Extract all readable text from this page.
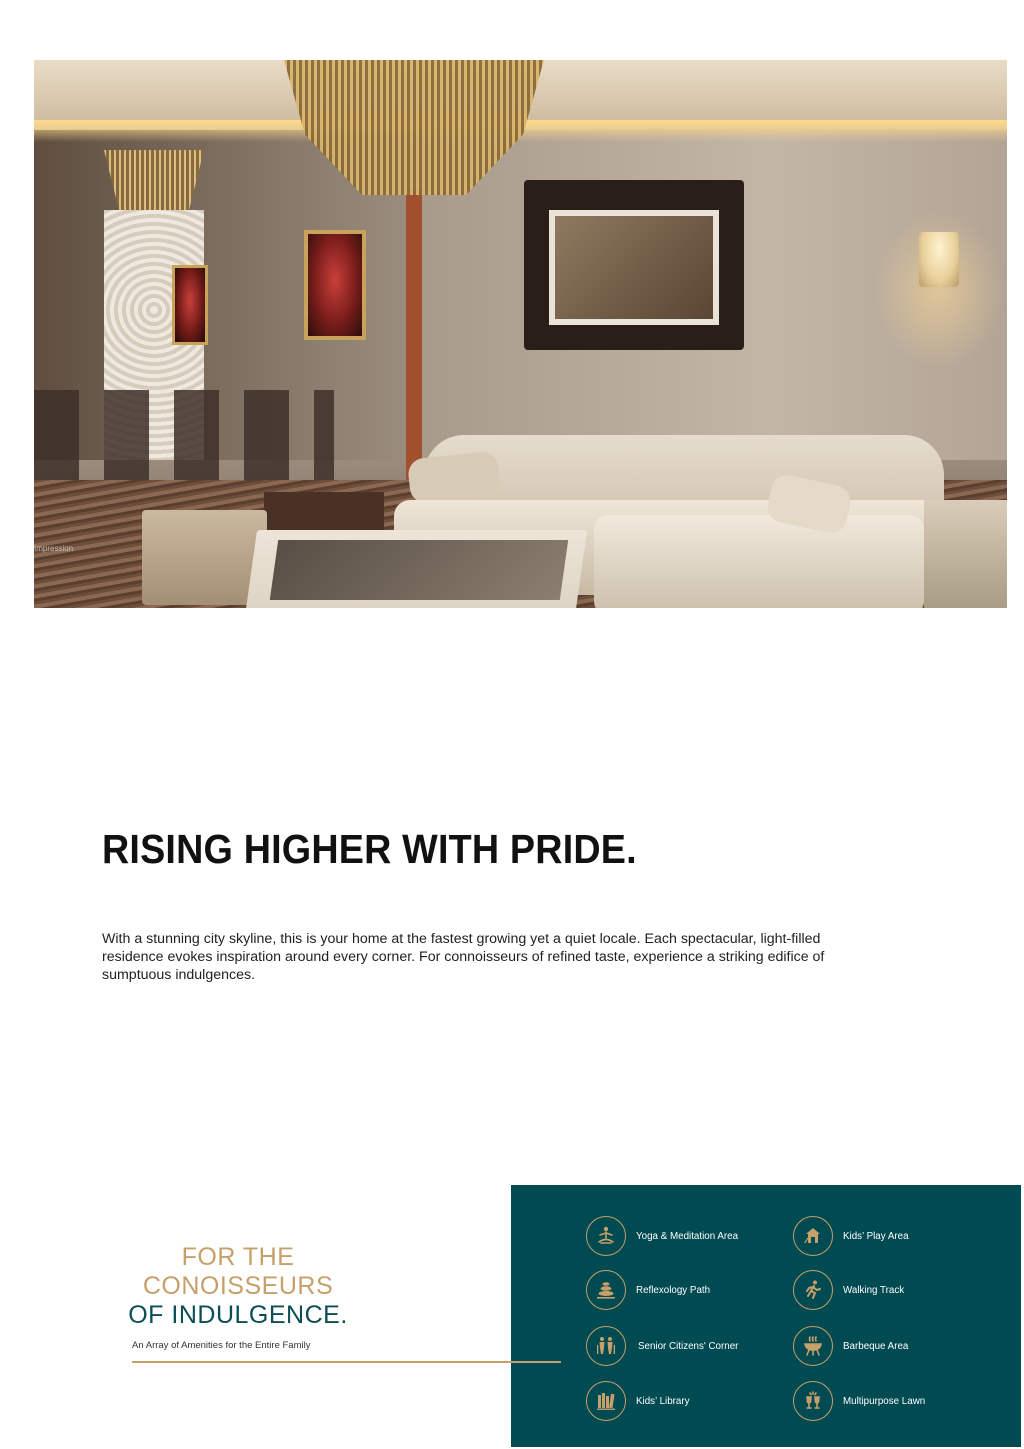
Impression
RISING HIGHER WITH PRIDE.

With a stunning city skyline, this is your home at the fastest growing yet a quiet locale. Each spectacular, light-filled residence evokes inspiration around every corner. For connoisseurs of refined taste, experience a striking edifice of sumptuous indulgences.

FOR THE
CONOISSEURS
OF INDULGENCE.
An Array of Amenities for the Entire Family
Yoga & Meditation Area	Kids’ Play Area
Reflexology Path	Walking Track
Senior Citizens' Corner	Barbeque Area
Kids’ Library	Multipurpose Lawn
